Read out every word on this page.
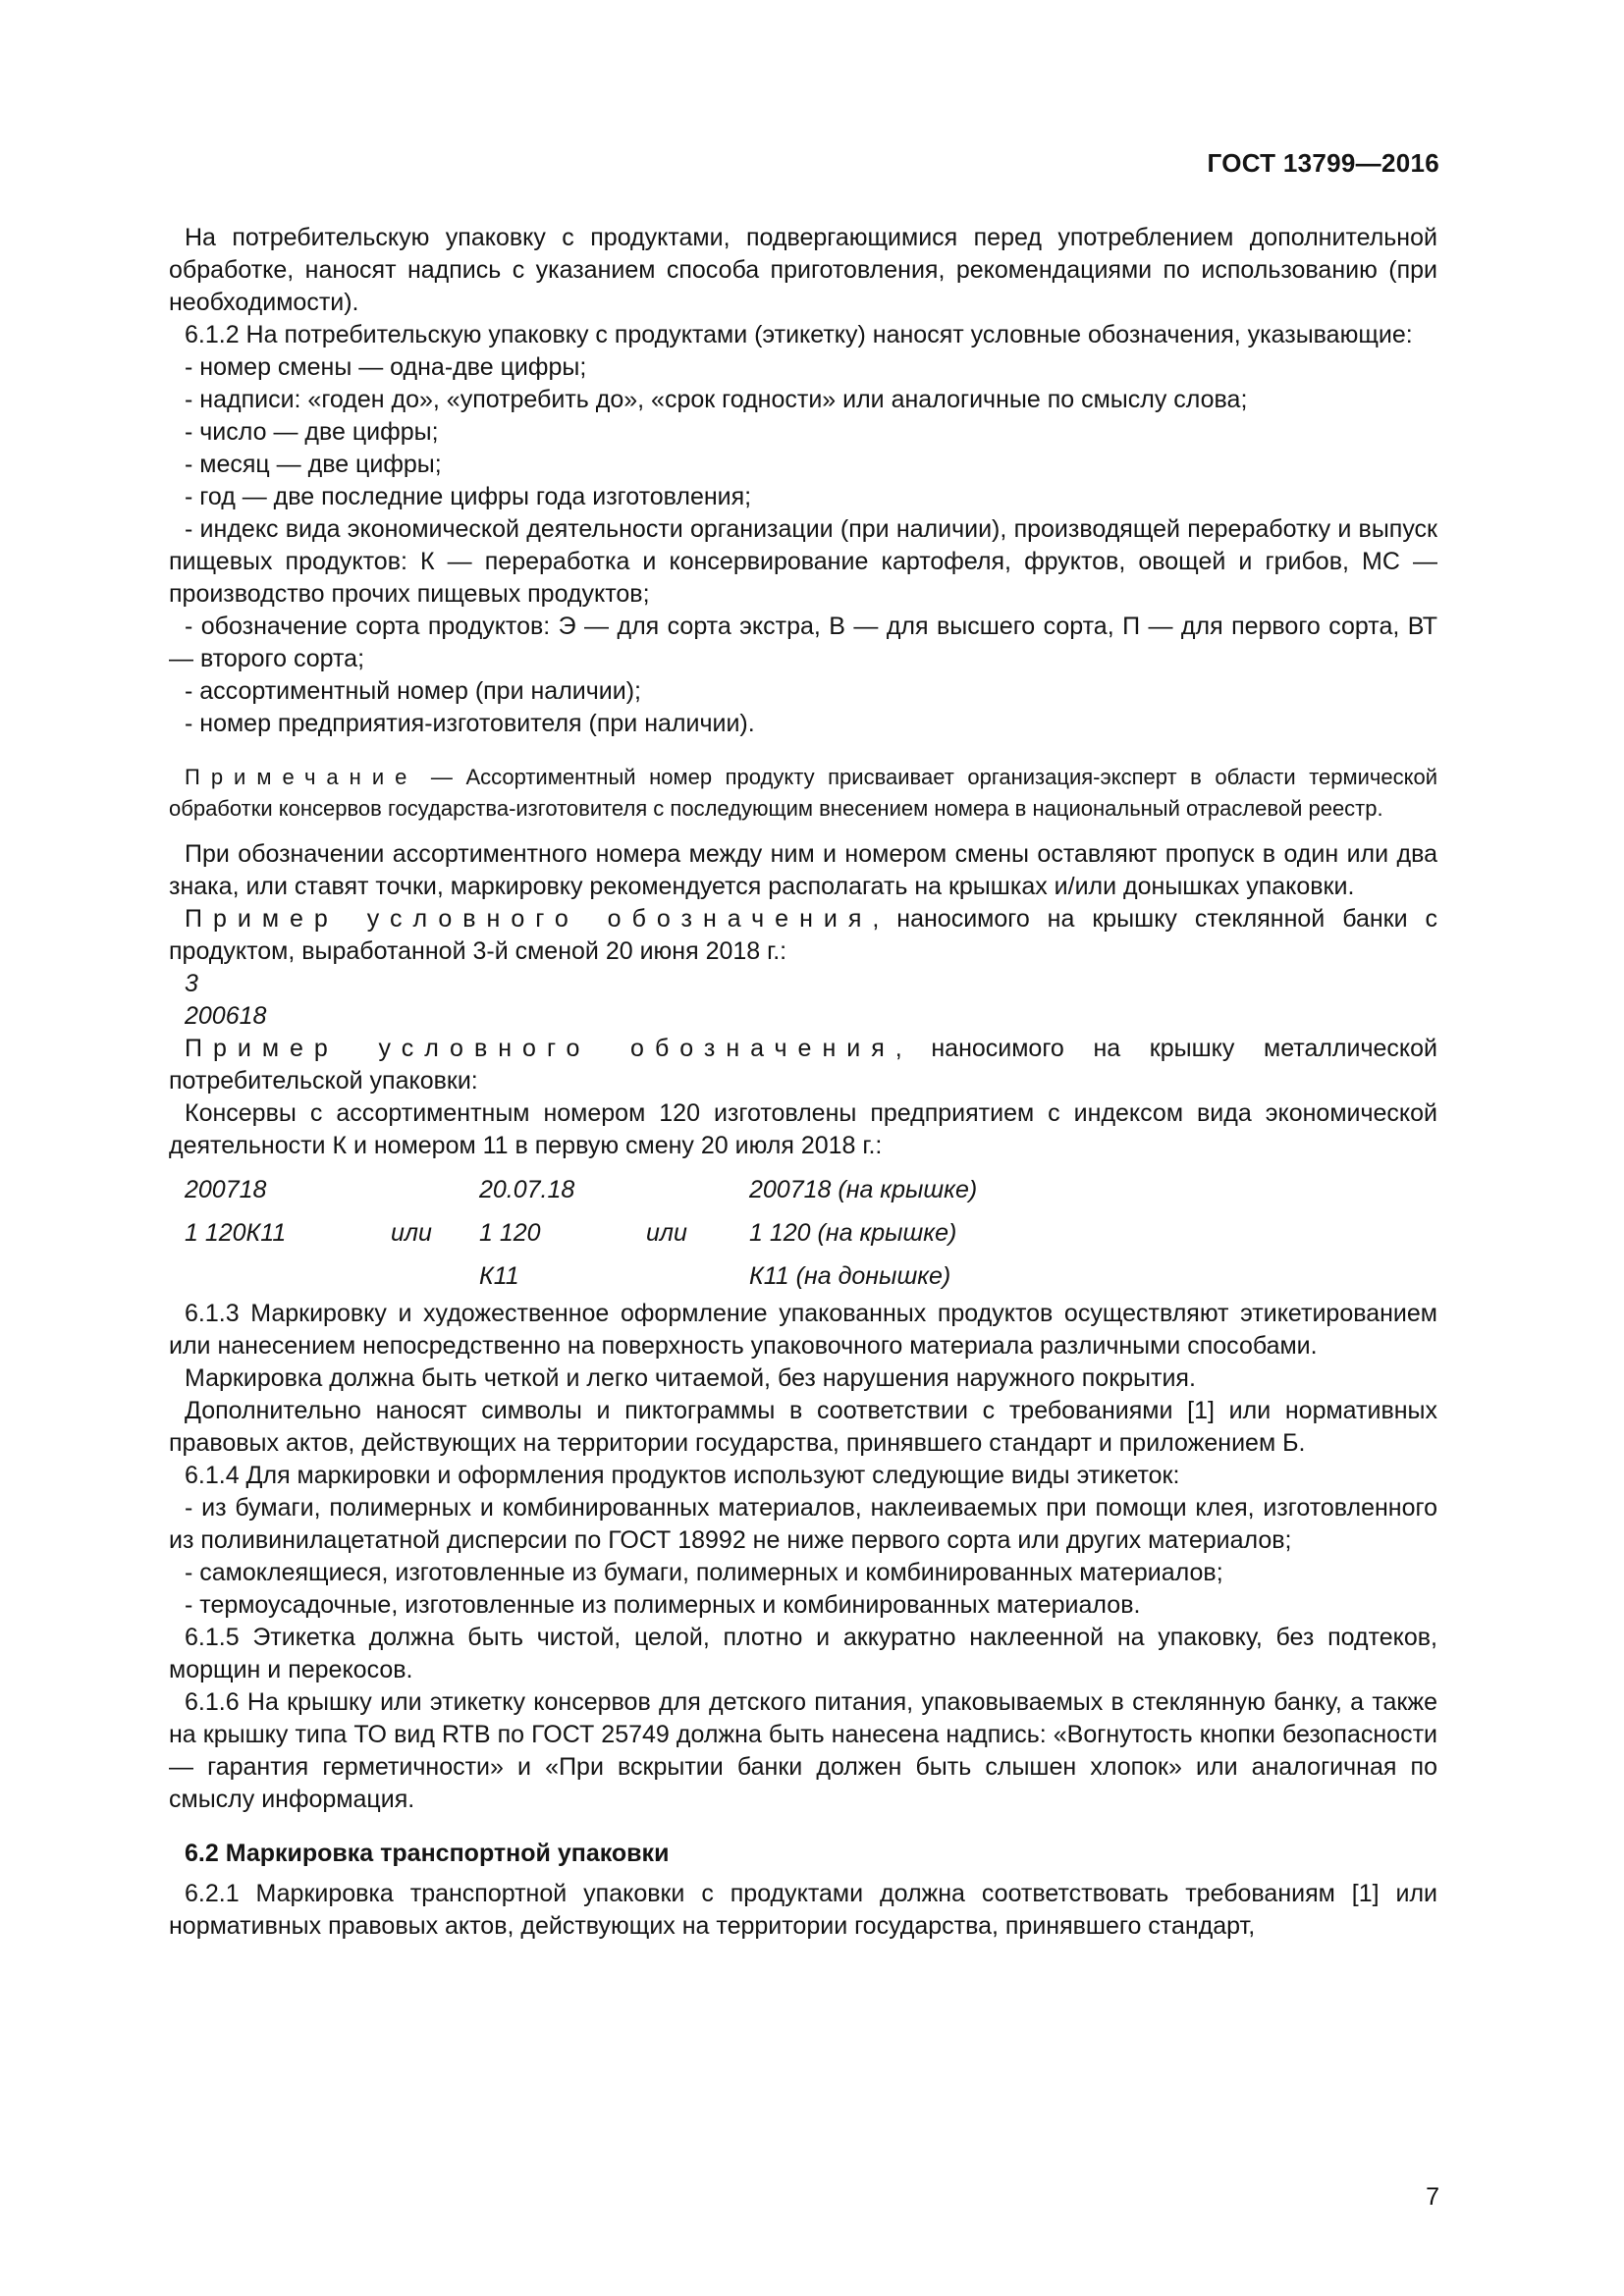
ГОСТ 13799—2016

На потребительскую упаковку с продуктами, подвергающимися перед употреблением дополнительной обработке, наносят надпись с указанием способа приготовления, рекомендациями по использованию (при необходимости).

6.1.2 На потребительскую упаковку с продуктами (этикетку) наносят условные обозначения, указывающие:

- номер смены — одна-две цифры;

- надписи: «годен до», «употребить до», «срок годности» или аналогичные по смыслу слова;

- число — две цифры;

- месяц — две цифры;

- год — две последние цифры года изготовления;

- индекс вида экономической деятельности организации (при наличии), производящей переработку и выпуск пищевых продуктов: К — переработка и консервирование картофеля, фруктов, овощей и грибов, МС — производство прочих пищевых продуктов;

- обозначение сорта продуктов: Э — для сорта экстра, В — для высшего сорта, П — для первого сорта, ВТ — второго сорта;

- ассортиментный номер (при наличии);

- номер предприятия-изготовителя (при наличии).

Примечание — Ассортиментный номер продукту присваивает организация-эксперт в области термической обработки консервов государства-изготовителя с последующим внесением номера в национальный отраслевой реестр.

При обозначении ассортиментного номера между ним и номером смены оставляют пропуск в один или два знака, или ставят точки, маркировку рекомендуется располагать на крышках и/или донышках упаковки.

Пример условного обозначения, наносимого на крышку стеклянной банки с продуктом, выработанной 3-й сменой 20 июня 2018 г.:

3
200618

Пример условного обозначения, наносимого на крышку металлической потребительской упаковки:

Консервы с ассортиментным номером 120 изготовлены предприятием с индексом вида экономической деятельности К и номером 11 в первую смену 20 июля 2018 г.:

200718		20.07.18		200718 (на крышке)
1 120К11	или	1 120	или	1 120 (на крышке)
		К11		К11 (на донышке)

6.1.3 Маркировку и художественное оформление упакованных продуктов осуществляют этикетированием или нанесением непосредственно на поверхность упаковочного материала различными способами.

Маркировка должна быть четкой и легко читаемой, без нарушения наружного покрытия.

Дополнительно наносят символы и пиктограммы в соответствии с требованиями [1] или нормативных правовых актов, действующих на территории государства, принявшего стандарт и приложением Б.

6.1.4 Для маркировки и оформления продуктов используют следующие виды этикеток:

- из бумаги, полимерных и комбинированных материалов, наклеиваемых при помощи клея, изготовленного из поливинилацетатной дисперсии по ГОСТ 18992 не ниже первого сорта или других материалов;

- самоклеящиеся, изготовленные из бумаги, полимерных и комбинированных материалов;

- термоусадочные, изготовленные из полимерных и комбинированных материалов.

6.1.5 Этикетка должна быть чистой, целой, плотно и аккуратно наклеенной на упаковку, без подтеков, морщин и перекосов.

6.1.6 На крышку или этикетку консервов для детского питания, упаковываемых в стеклянную банку, а также на крышку типа ТО вид RTB по ГОСТ 25749 должна быть нанесена надпись: «Вогнутость кнопки безопасности — гарантия герметичности» и «При вскрытии банки должен быть слышен хлопок» или аналогичная по смыслу информация.

6.2 Маркировка транспортной упаковки

6.2.1 Маркировка транспортной упаковки с продуктами должна соответствовать требованиям [1] или нормативных правовых актов, действующих на территории государства, принявшего стандарт,

7
